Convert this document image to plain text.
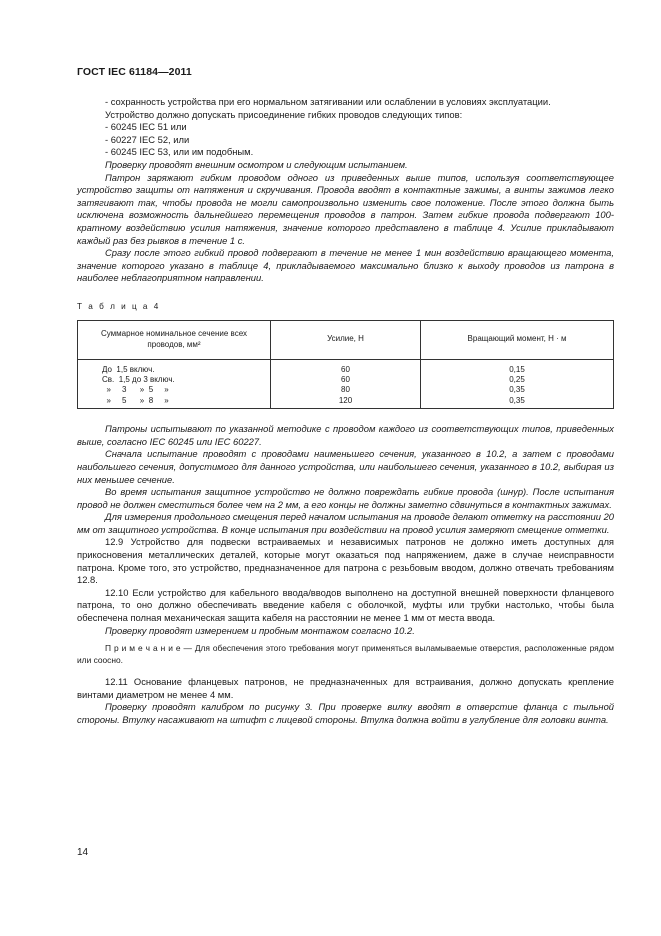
ГОСТ IEC 61184—2011

- сохранность устройства при его нормальном затягивании или ослаблении в условиях эксплуатации.

Устройство должно допускать присоединение гибких проводов следующих типов:

- 60245 IEC 51 или

- 60227 IEC 52, или

- 60245 IEC 53, или им подобным.

Проверку проводят внешним осмотром и следующим испытанием.

Патрон заряжают гибким проводом одного из приведенных выше типов, используя соответствующее устройство защиты от натяжения и скручивания. Провода вводят в контактные зажимы, а винты зажимов легко затягивают так, чтобы провода не могли самопроизвольно изменить свое положение. После этого должна быть исключена возможность дальнейшего перемещения проводов в патрон. Затем гибкие провода подвергают 100-кратному воздействию усилия натяжения, значение которого представлено в таблице 4. Усилие прикладывают каждый раз без рывков в течение 1 с.

Сразу после этого гибкий провод подвергают в течение не менее 1 мин воздействию вращающего момента, значение которого указано в таблице 4, прикладываемого максимально близко к выходу проводов из патрона в наиболее неблагоприятном направлении.

Т а б л и ц а 4
Суммарное номинальное сечение всех проводов, мм²	Усилие, Н	Вращающий момент, Н · м
До  1,5 включ.	60	0,15
Св.  1,5 до 3 включ.	60	0,25
»     3      »  5     »	80	0,35
»     5      »  8     »	120	0,35

Патроны испытывают по указанной методике с проводом каждого из соответствующих типов, приведенных выше, согласно IEC 60245 или IEC 60227.

Сначала испытание проводят с проводами наименьшего сечения, указанного в 10.2, а затем с проводами наибольшего сечения, допустимого для данного устройства, или наибольшего сечения, указанного в 10.2, выбирая из них меньшее сечение.

Во время испытания защитное устройство не должно повреждать гибкие провода (шнур). После испытания провод не должен сместиться более чем на 2 мм, а его концы не должны заметно сдвинуться в контактных зажимах.

Для измерения продольного смещения перед началом испытания на проводе делают отметку на расстоянии 20 мм от защитного устройства. В конце испытания при воздействии на провод усилия замеряют смещение отметки.

12.9 Устройство для подвески встраиваемых и независимых патронов не должно иметь доступных для прикосновения металлических деталей, которые могут оказаться под напряжением, даже в случае неисправности патрона. Кроме того, это устройство, предназначенное для патрона с резьбовым вводом, должно отвечать требованиям 12.8.

12.10 Если устройство для кабельного ввода/вводов выполнено на доступной внешней поверхности фланцевого патрона, то оно должно обеспечивать введение кабеля с оболочкой, муфты или трубки настолько, чтобы была обеспечена полная механическая защита кабеля на расстоянии не менее 1 мм от места ввода.

Проверку проводят измерением и пробным монтажом согласно 10.2.

П р и м е ч а н и е — Для обеспечения этого требования могут применяться выламываемые отверстия, расположенные рядом или соосно.

12.11 Основание фланцевых патронов, не предназначенных для встраивания, должно допускать крепление винтами диаметром не менее 4 мм.

Проверку проводят калибром по рисунку 3. При проверке вилку вводят в отверстие фланца с тыльной стороны. Втулку насаживают на штифт с лицевой стороны. Втулка должна войти в углубление для головки винта.

14
